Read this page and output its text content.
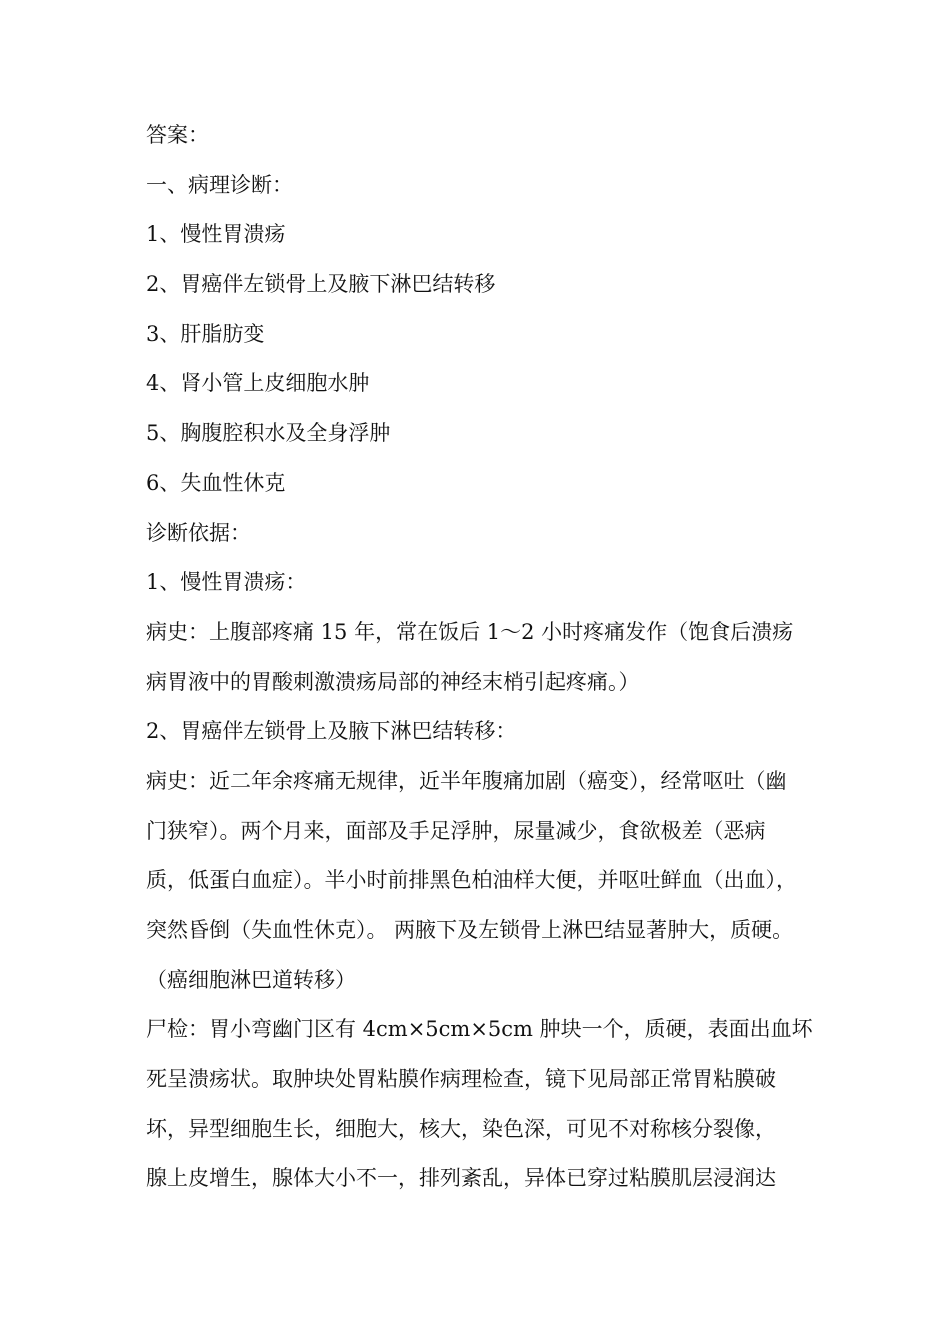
答案：

一、病理诊断：

1、慢性胃溃疡

2、胃癌伴左锁骨上及腋下淋巴结转移

3、肝脂肪变

4、肾小管上皮细胞水肿

5、胸腹腔积水及全身浮肿

6、失血性休克

诊断依据：

1、慢性胃溃疡：

病史：上腹部疼痛 15 年，常在饭后 1～2 小时疼痛发作（饱食后溃疡

病胃液中的胃酸刺激溃疡局部的神经末梢引起疼痛。）

2、胃癌伴左锁骨上及腋下淋巴结转移：

病史：近二年余疼痛无规律，近半年腹痛加剧（癌变），经常呕吐（幽

门狭窄）。两个月来，面部及手足浮肿，尿量减少，食欲极差（恶病

质，低蛋白血症）。半小时前排黑色柏油样大便，并呕吐鲜血（出血），

突然昏倒（失血性休克）。 两腋下及左锁骨上淋巴结显著肿大，质硬。

（癌细胞淋巴道转移）

尸检：胃小弯幽门区有 4cm×5cm×5cm 肿块一个，质硬，表面出血坏

死呈溃疡状。取肿块处胃粘膜作病理检查，镜下见局部正常胃粘膜破

坏，异型细胞生长，细胞大，核大，染色深，可见不对称核分裂像，

腺上皮增生，腺体大小不一，排列紊乱，异体已穿过粘膜肌层浸润达
